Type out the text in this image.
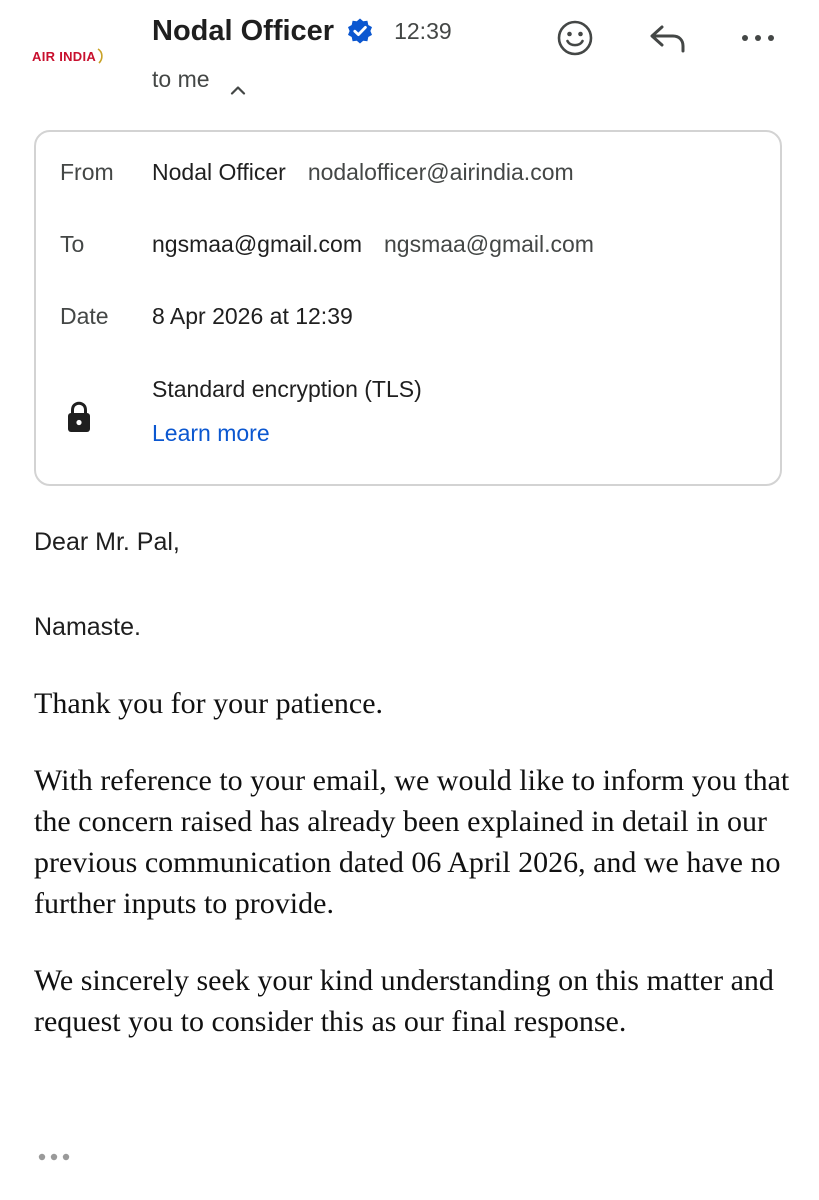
AIR INDIA
Nodal Officer	12:39
to me
From Nodal Officer nodalofficer@airindia.com
To	ngsmaa@gmail.com ngsmaa@gmail.com
Date 8 Apr 2026 at 12:39
Standard encryption (TLS)
Learn more
Dear Mr. Pal,
Namaste.

Thank you for your patience.

With reference to your email, we would like to inform you that the concern raised has already been explained in detail in our previous communication dated 06 April 2026, and we have no further inputs to provide.

We sincerely seek your kind understanding on this matter and request you to consider this as our final response.
